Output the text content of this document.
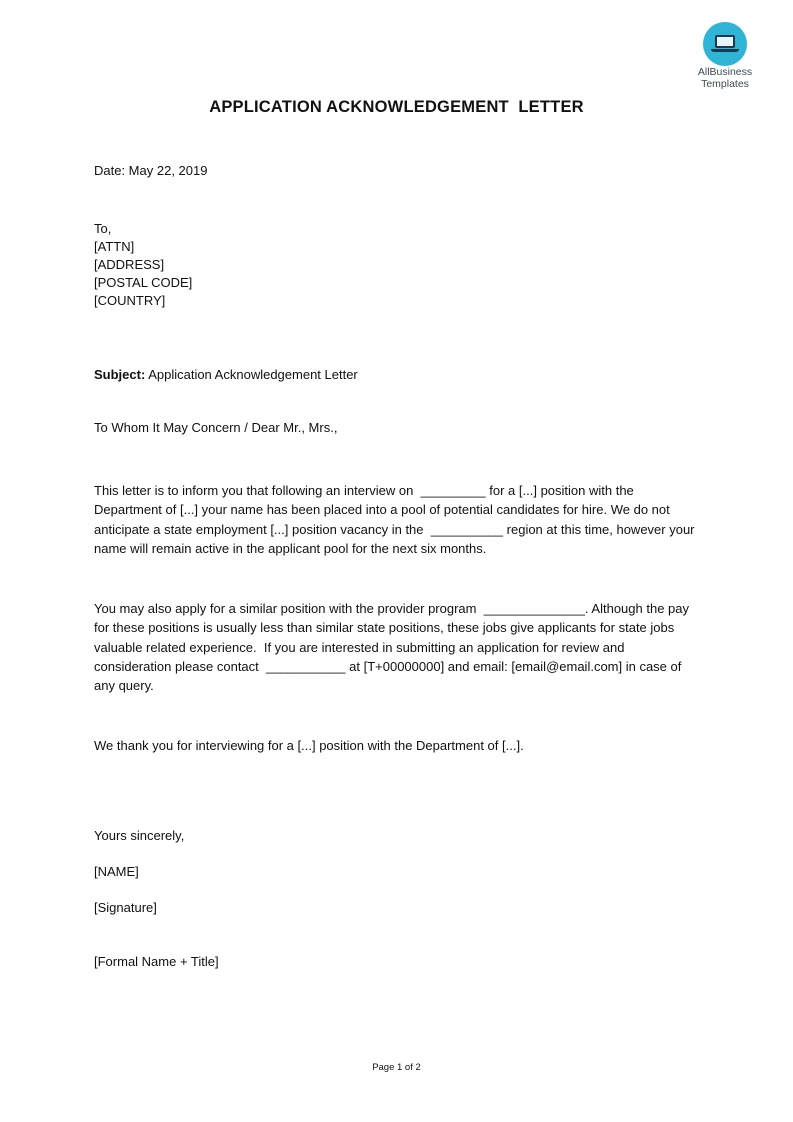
AllBusiness
Templates
APPLICATION ACKNOWLEDGEMENT  LETTER
Date: May 22, 2019
To,
[ATTN]
[ADDRESS]
[POSTAL CODE]
[COUNTRY]
Subject: Application Acknowledgement Letter
To Whom It May Concern / Dear Mr., Mrs.,
This letter is to inform you that following an interview on  _________ for a [...] position with the Department of [...] your name has been placed into a pool of potential candidates for hire. We do not anticipate a state employment [...] position vacancy in the  __________ region at this time, however your name will remain active in the applicant pool for the next six months.
You may also apply for a similar position with the provider program  ______________. Although the pay for these positions is usually less than similar state positions, these jobs give applicants for state jobs valuable related experience.  If you are interested in submitting an application for review and consideration please contact  ___________ at [T+00000000] and email: [email@email.com] in case of any query.
We thank you for interviewing for a [...] position with the Department of [...].
Yours sincerely,
[NAME]
[Signature]
[Formal Name + Title]
Page 1 of 2
